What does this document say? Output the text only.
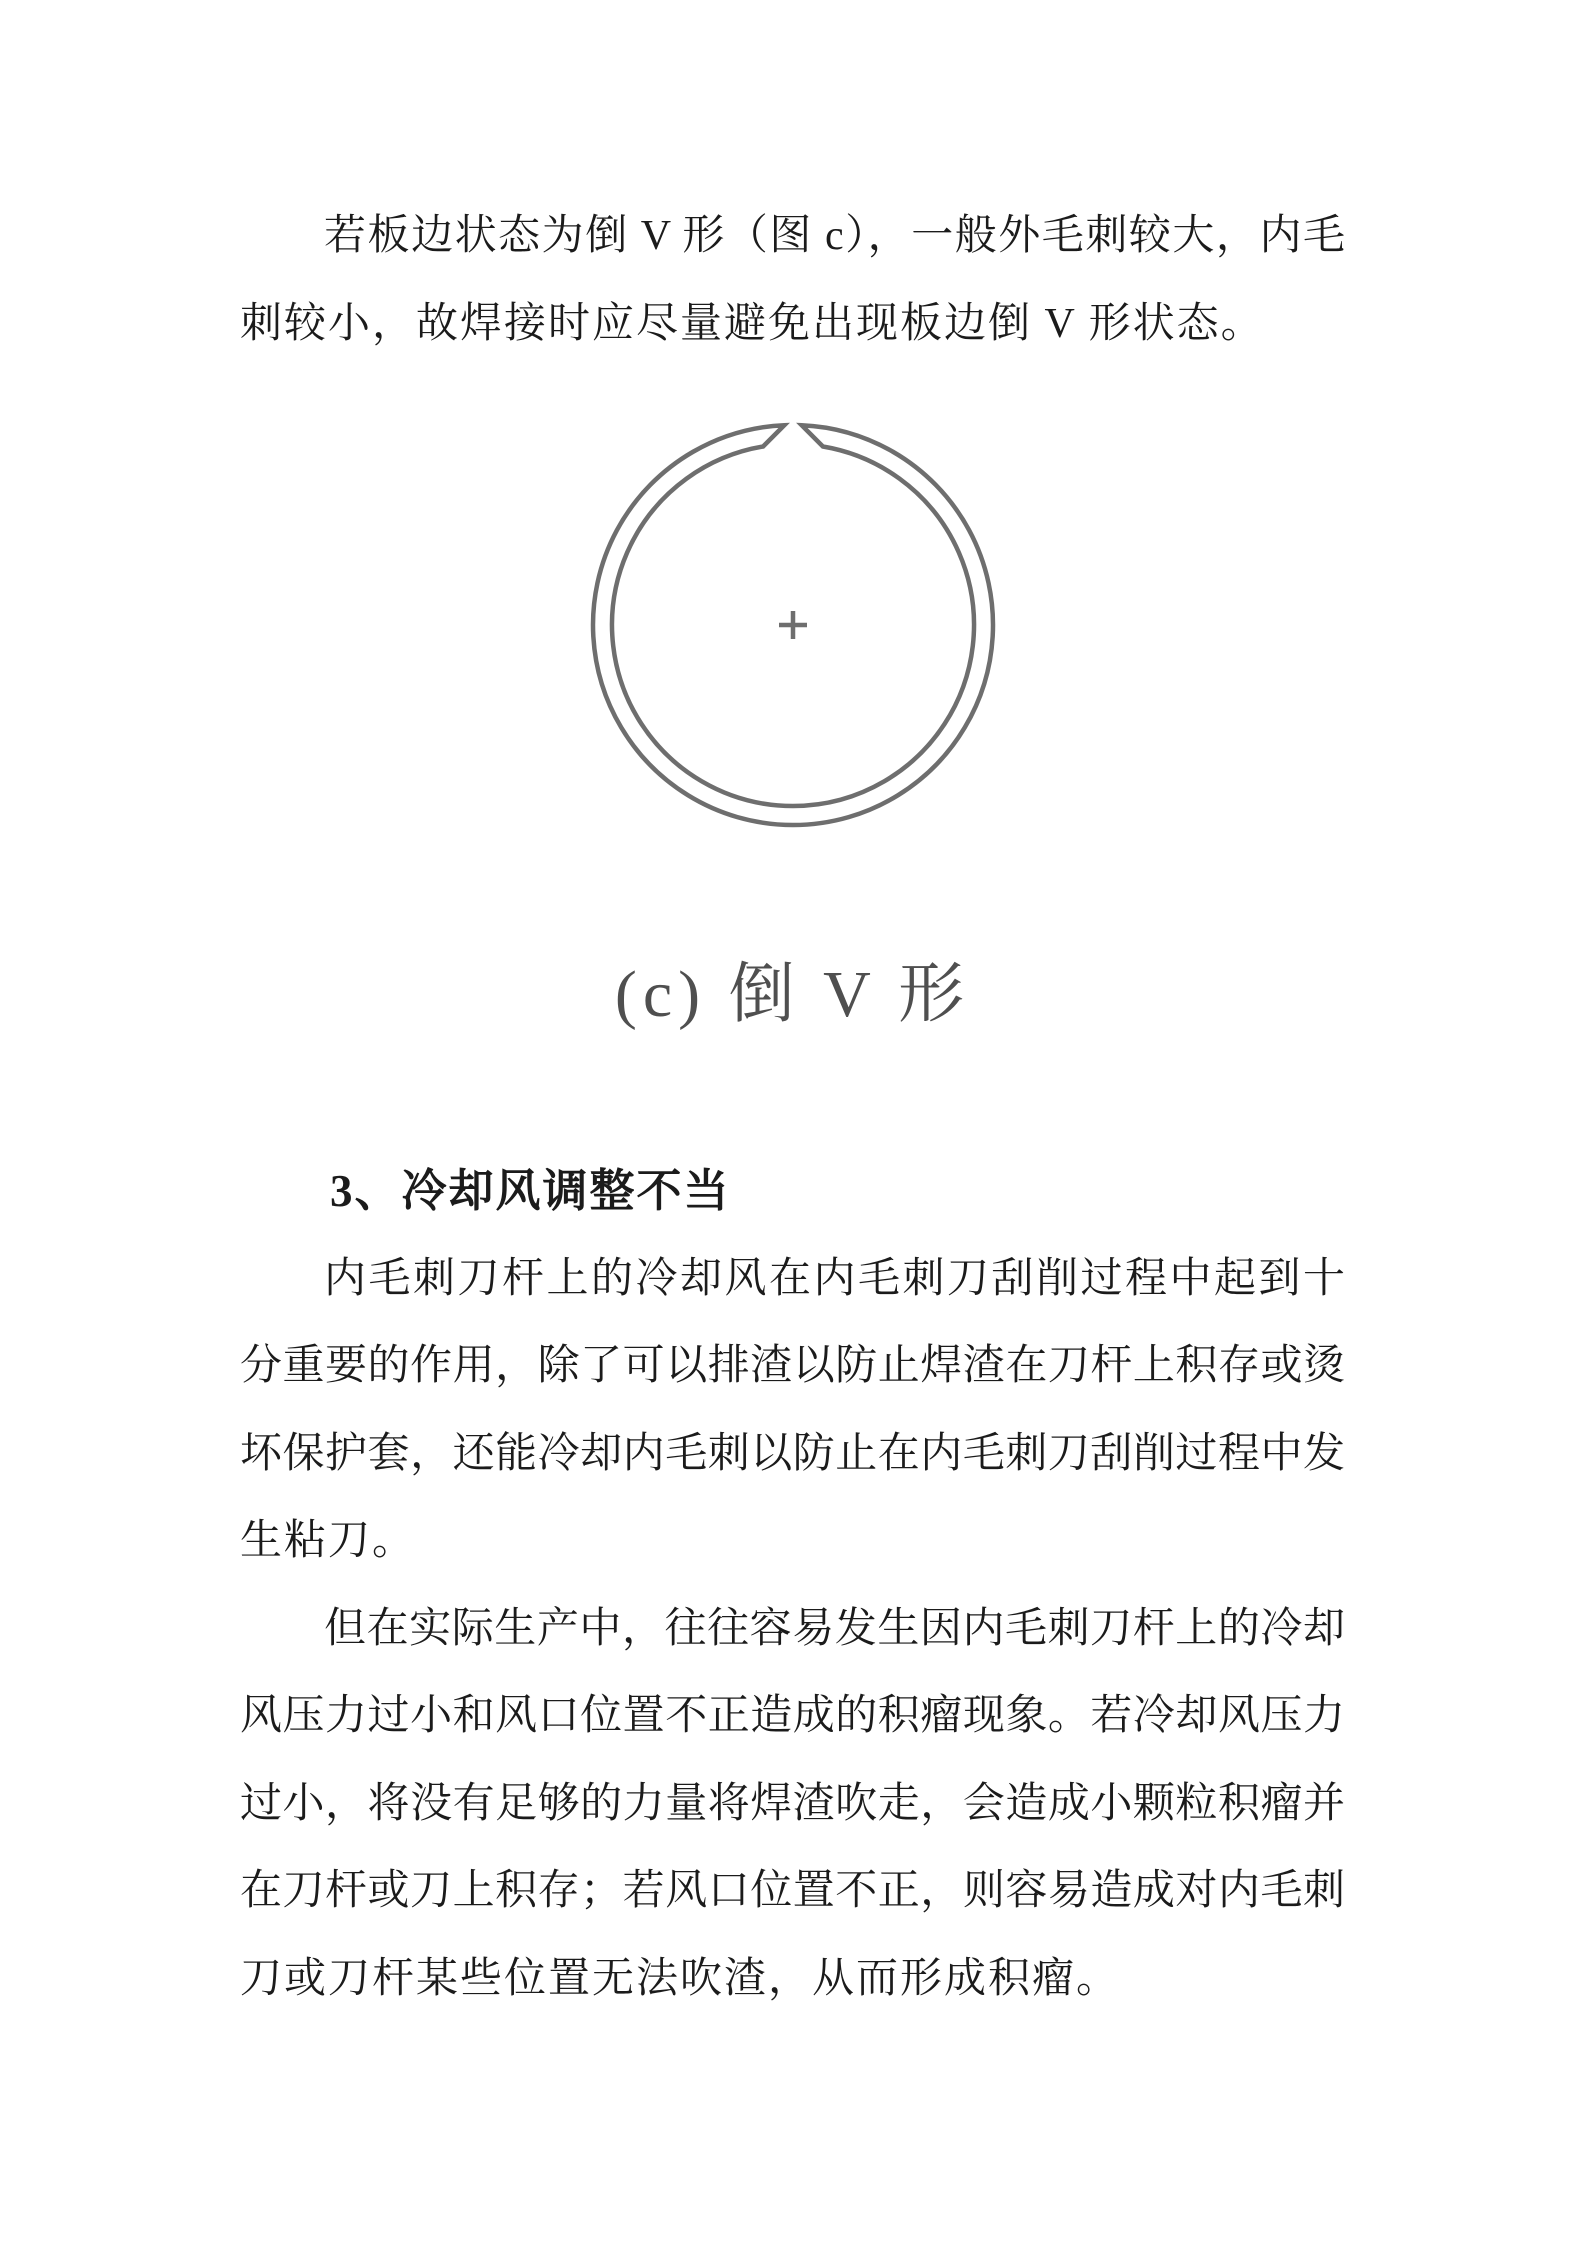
若板边状态为倒 V 形（图 c），一般外毛刺较大，内毛
刺较小，故焊接时应尽量避免出现板边倒 V 形状态。
(c) 倒 V 形
3、冷却风调整不当
内毛刺刀杆上的冷却风在内毛刺刀刮削过程中起到十
分重要的作用，除了可以排渣以防止焊渣在刀杆上积存或烫
坏保护套，还能冷却内毛刺以防止在内毛刺刀刮削过程中发
生粘刀。
但在实际生产中，往往容易发生因内毛刺刀杆上的冷却
风压力过小和风口位置不正造成的积瘤现象。若冷却风压力
过小，将没有足够的力量将焊渣吹走，会造成小颗粒积瘤并
在刀杆或刀上积存；若风口位置不正，则容易造成对内毛刺
刀或刀杆某些位置无法吹渣，从而形成积瘤。
